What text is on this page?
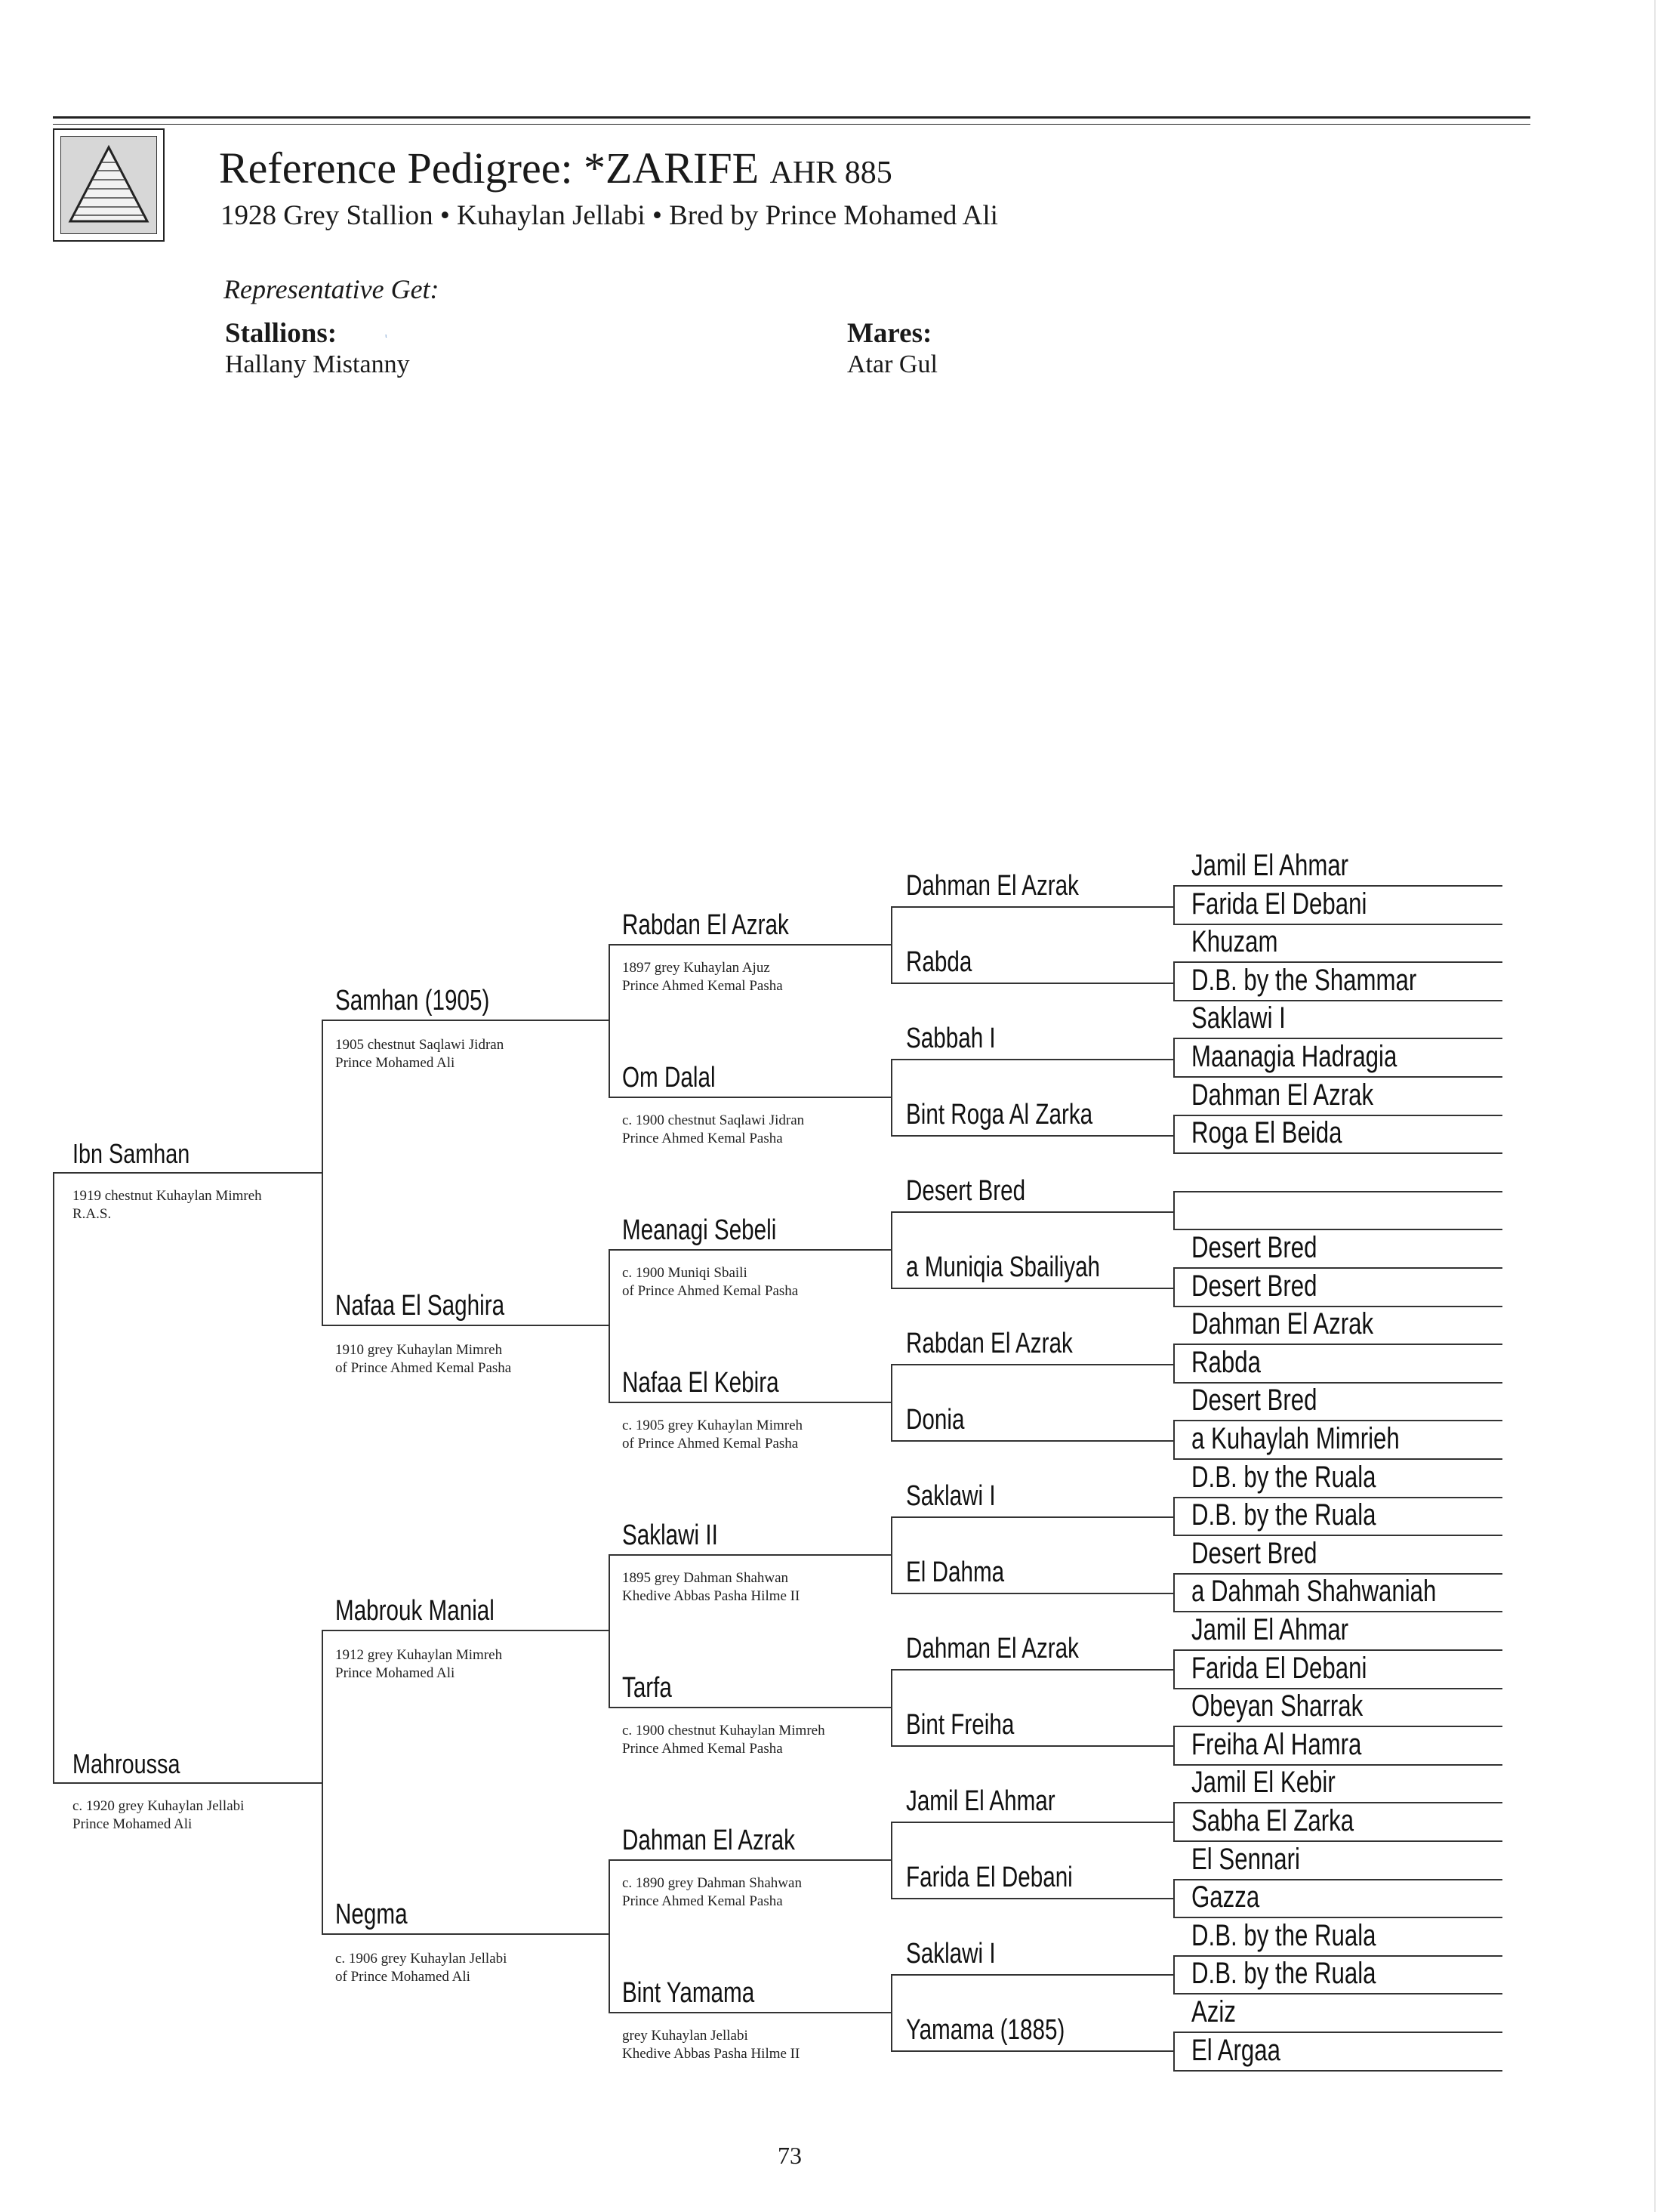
Reference Pedigree: *ZARIFE AHR 885
1928 Grey Stallion • Kuhaylan Jellabi • Bred by Prince Mohamed Ali
Representative Get:
Stallions:	ᶥ
Hallany Mistanny
Mares:
Atar Gul
Ibn Samhan
1919 chestnut Kuhaylan Mimreh
R.A.S.
Mahroussa
c. 1920 grey Kuhaylan Jellabi
Prince Mohamed Ali
Samhan (1905)
1905 chestnut Saqlawi Jidran
Prince Mohamed Ali
Nafaa El Saghira
1910 grey Kuhaylan Mimreh
of Prince Ahmed Kemal Pasha
Mabrouk Manial
1912 grey Kuhaylan Mimreh
Prince Mohamed Ali
Negma
c. 1906 grey Kuhaylan Jellabi
of Prince Mohamed Ali
Rabdan El Azrak
1897 grey Kuhaylan Ajuz
Prince Ahmed Kemal Pasha
Om Dalal
c. 1900 chestnut Saqlawi Jidran
Prince Ahmed Kemal Pasha
Meanagi Sebeli
c. 1900 Muniqi Sbaili
of Prince Ahmed Kemal Pasha
Nafaa El Kebira
c. 1905 grey Kuhaylan Mimreh
of Prince Ahmed Kemal Pasha
Saklawi II
1895 grey Dahman Shahwan
Khedive Abbas Pasha Hilme II
Tarfa
c. 1900 chestnut Kuhaylan Mimreh
Prince Ahmed Kemal Pasha
Dahman El Azrak
c. 1890 grey Dahman Shahwan
Prince Ahmed Kemal Pasha
Bint Yamama
grey Kuhaylan Jellabi
Khedive Abbas Pasha Hilme II
Dahman El Azrak
Rabda
Sabbah I
Bint Roga Al Zarka
Desert Bred
a Muniqia Sbailiyah
Rabdan El Azrak
Donia
Saklawi I
El Dahma
Dahman El Azrak
Bint Freiha
Jamil El Ahmar
Farida El Debani
Saklawi I
Yamama (1885)
Jamil El Ahmar
Farida El Debani
Khuzam
D.B. by the Shammar
Saklawi I
Maanagia Hadragia
Dahman El Azrak
Roga El Beida
Desert Bred
Desert Bred
Dahman El Azrak
Rabda
Desert Bred
a Kuhaylah Mimrieh
D.B. by the Ruala
D.B. by the Ruala
Desert Bred
a Dahmah Shahwaniah
Jamil El Ahmar
Farida El Debani
Obeyan Sharrak
Freiha Al Hamra
Jamil El Kebir
Sabha El Zarka
El Sennari
Gazza
D.B. by the Ruala
D.B. by the Ruala
Aziz
El Argaa
73
